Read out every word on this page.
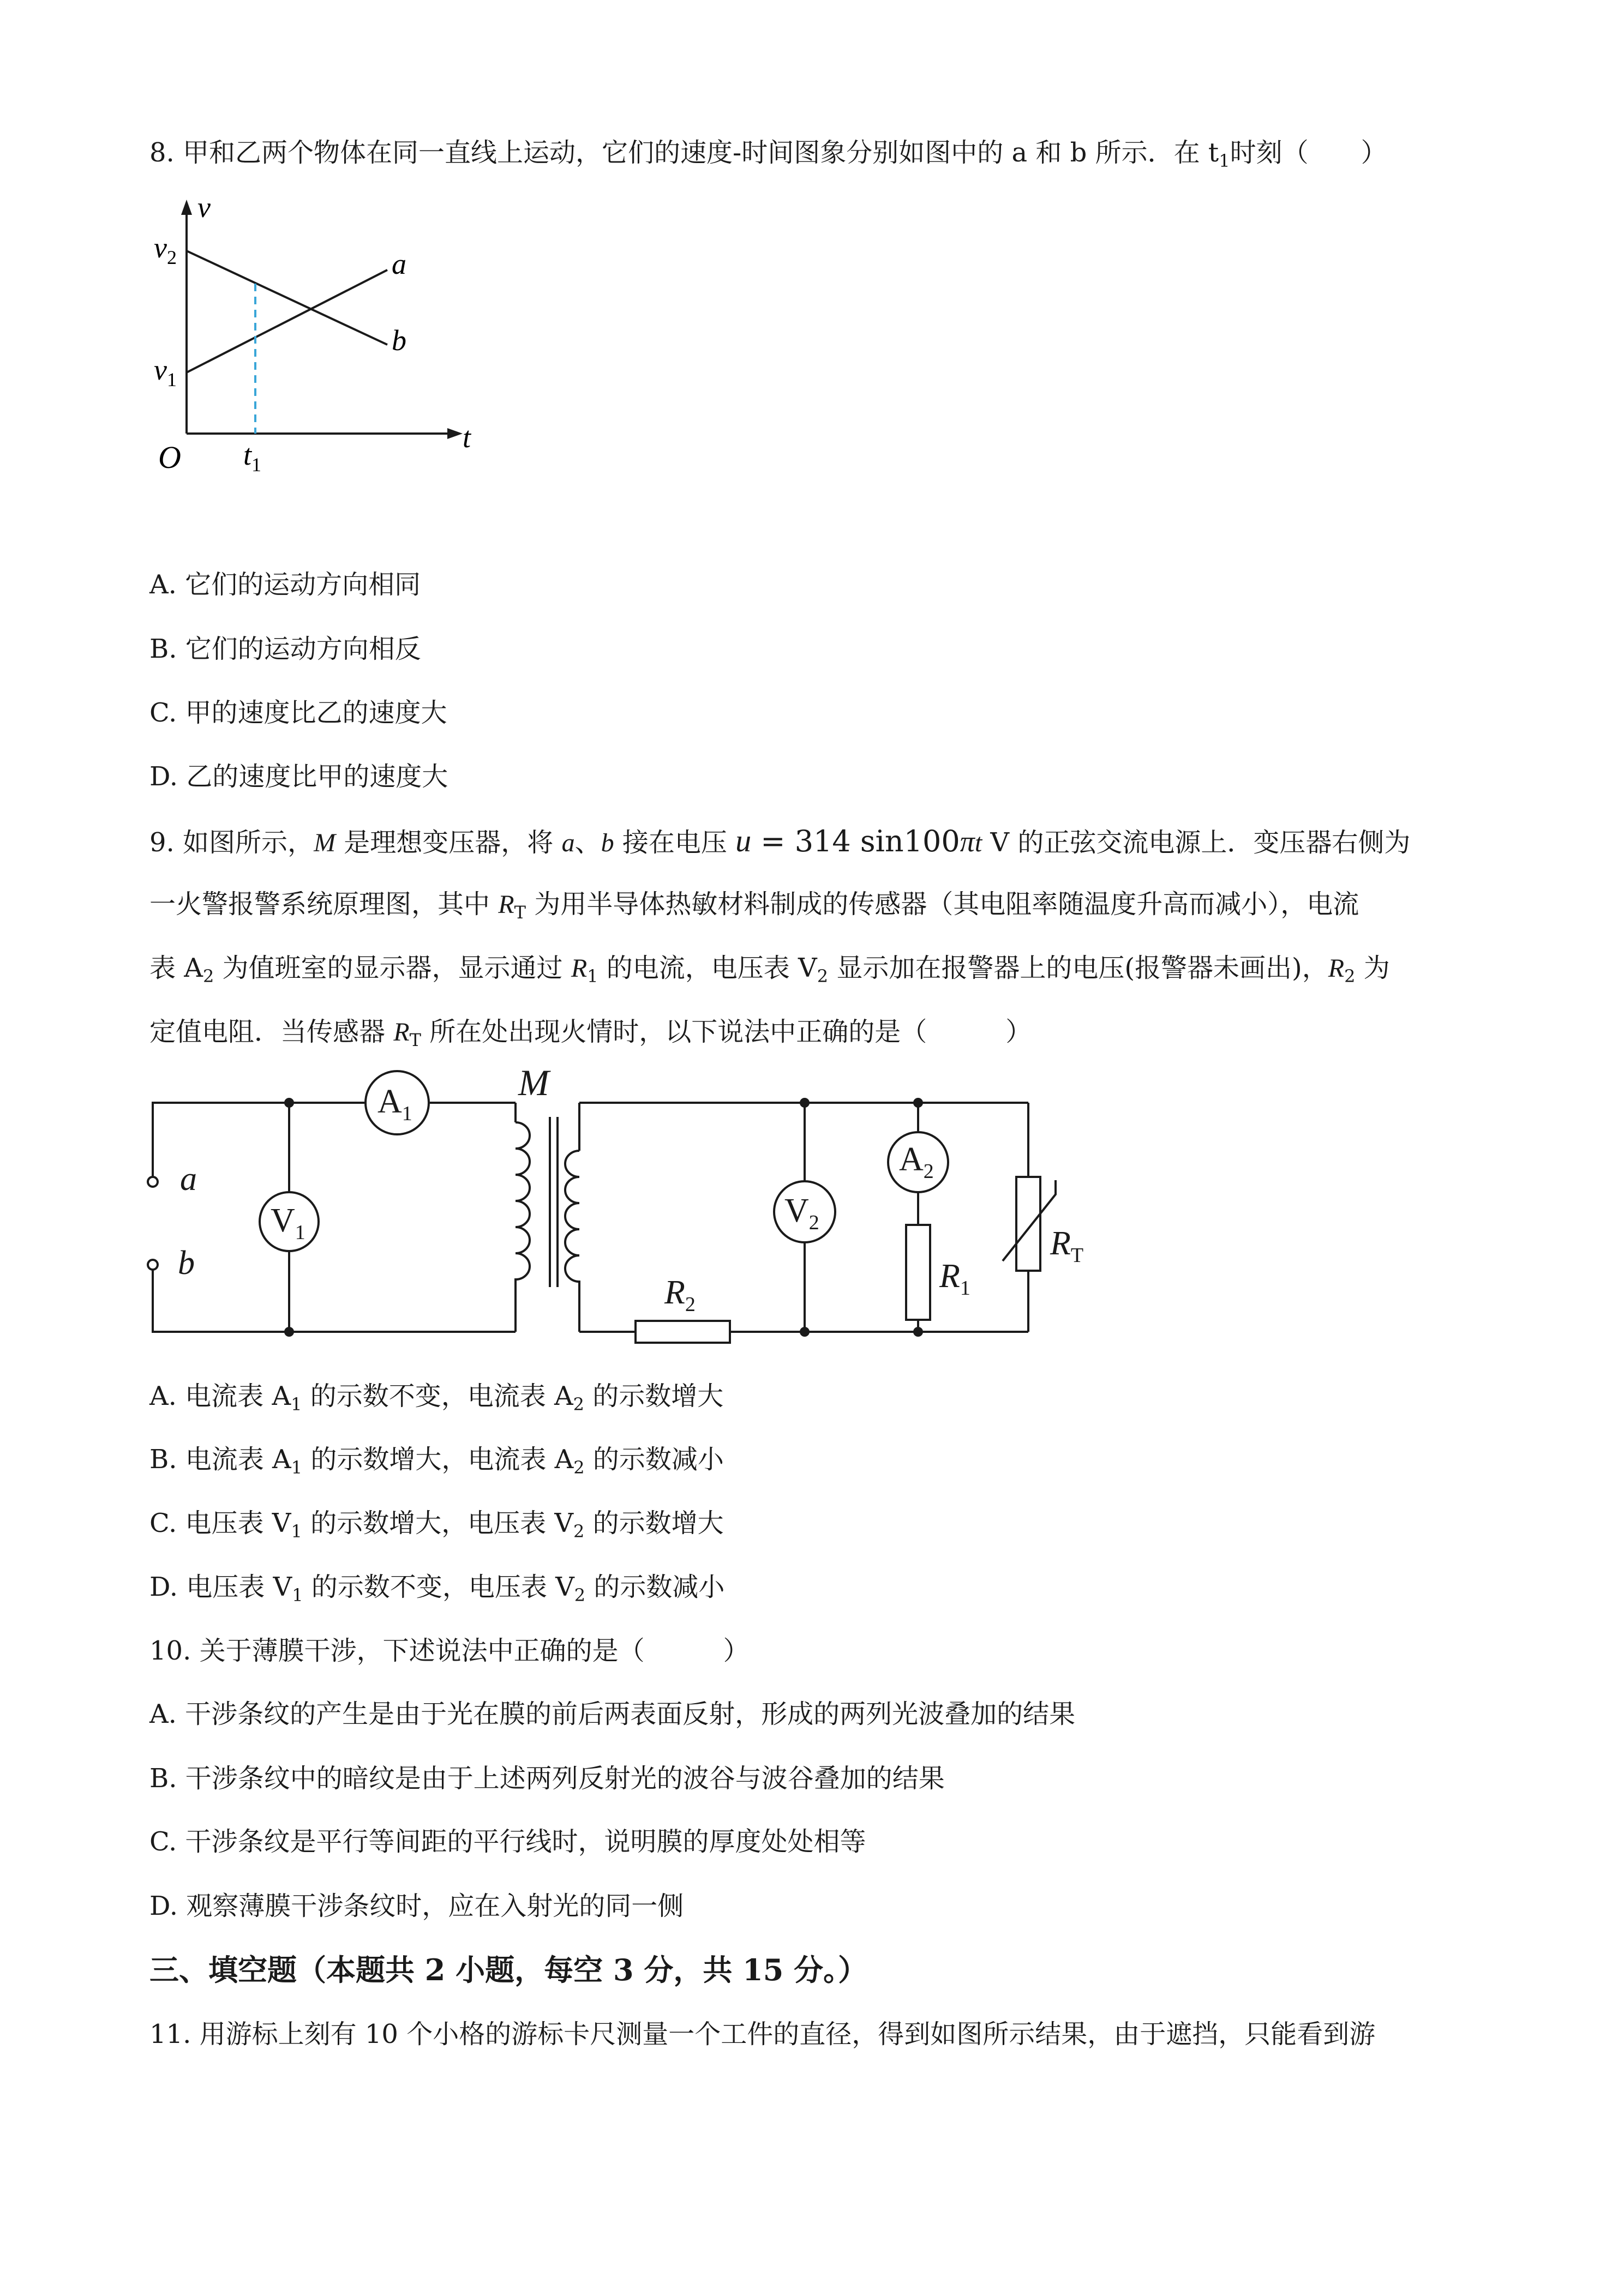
8. 甲和乙两个物体在同一直线上运动，它们的速度-时间图象分别如图中的 a 和 b 所示．在 $t_1$时刻（　　）
v
$v_2$
$v_1$
a
b
O $t_1$
t
A. 它们的运动方向相同
B. 它们的运动方向相反
C. 甲的速度比乙的速度大
D. 乙的速度比甲的速度大
9. 如图所示，M 是理想变压器，将 a、b 接在电压 u = 314 sin100πt V 的正弦交流电源上．变压器右侧为
一火警报警系统原理图，其中 $R_T$ 为用半导体热敏材料制成的传感器（其电阻率随温度升高而减小），电流
表 $A_2$ 为值班室的显示器，显示通过 $R_1$ 的电流，电压表 $V_2$ 显示加在报警器上的电压(报警器未画出)，$R_2$ 为
定值电阻．当传感器 $R_T$ 所在处出现火情时，以下说法中正确的是（　　　）
M
a
b
$A_1$
$V_1$
$V_2$
$A_2$
$R_2$
$R_1$
$R_T$
A. 电流表 $A_1$ 的示数不变，电流表 $A_2$ 的示数增大
B. 电流表 $A_1$ 的示数增大，电流表 $A_2$ 的示数减小
C. 电压表 $V_1$ 的示数增大，电压表 $V_2$ 的示数增大
D. 电压表 $V_1$ 的示数不变，电压表 $V_2$ 的示数减小
10. 关于薄膜干涉，下述说法中正确的是（　　　）
A. 干涉条纹的产生是由于光在膜的前后两表面反射，形成的两列光波叠加的结果
B. 干涉条纹中的暗纹是由于上述两列反射光的波谷与波谷叠加的结果
C. 干涉条纹是平行等间距的平行线时，说明膜的厚度处处相等
D. 观察薄膜干涉条纹时，应在入射光的同一侧
三、填空题（本题共 2 小题，每空 3 分，共 15 分。）
11. 用游标上刻有 10 个小格的游标卡尺测量一个工件的直径，得到如图所示结果，由于遮挡，只能看到游
